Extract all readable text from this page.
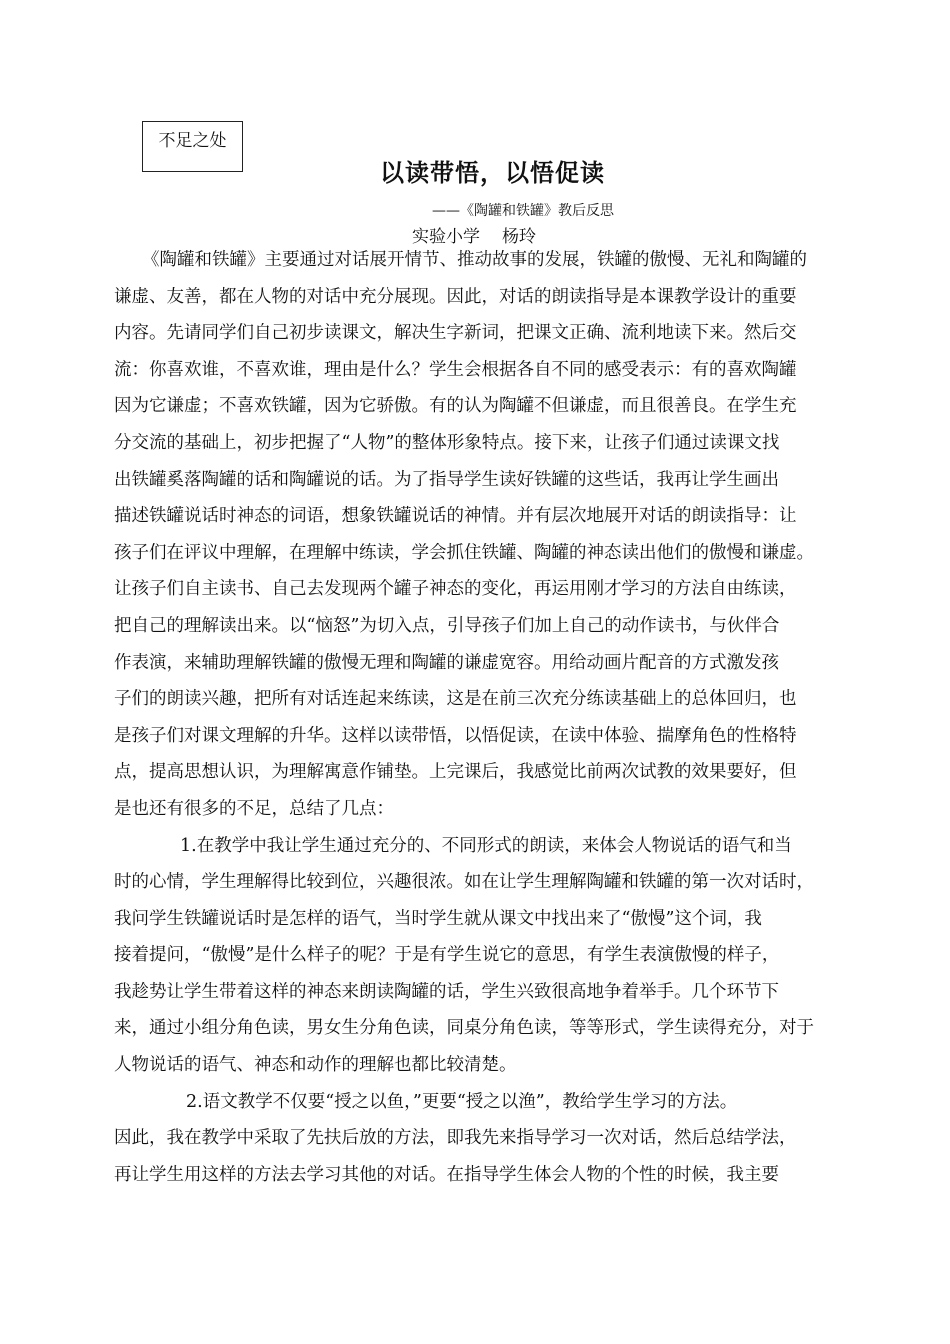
不足之处
以读带悟，以悟促读
——《陶罐和铁罐》教后反思
实验小学 杨玲
《陶罐和铁罐》主要通过对话展开情节、推动故事的发展，铁罐的傲慢、无礼和陶罐的
谦虚、友善，都在人物的对话中充分展现。因此，对话的朗读指导是本课教学设计的重要
内容。先请同学们自己初步读课文，解决生字新词，把课文正确、流利地读下来。然后交
流：你喜欢谁，不喜欢谁，理由是什么？学生会根据各自不同的感受表示：有的喜欢陶罐
因为它谦虚；不喜欢铁罐，因为它骄傲。有的认为陶罐不但谦虚，而且很善良。在学生充
分交流的基础上，初步把握了“人物”的整体形象特点。接下来，让孩子们通过读课文找
出铁罐奚落陶罐的话和陶罐说的话。为了指导学生读好铁罐的这些话，我再让学生画出
描述铁罐说话时神态的词语，想象铁罐说话的神情。并有层次地展开对话的朗读指导：让
孩子们在评议中理解，在理解中练读，学会抓住铁罐、陶罐的神态读出他们的傲慢和谦虚。
让孩子们自主读书、自己去发现两个罐子神态的变化，再运用刚才学习的方法自由练读，
把自己的理解读出来。以“恼怒”为切入点，引导孩子们加上自己的动作读书，与伙伴合
作表演，来辅助理解铁罐的傲慢无理和陶罐的谦虚宽容。用给动画片配音的方式激发孩
子们的朗读兴趣，把所有对话连起来练读，这是在前三次充分练读基础上的总体回归，也
是孩子们对课文理解的升华。这样以读带悟，以悟促读，在读中体验、揣摩角色的性格特
点，提高思想认识，为理解寓意作铺垫。上完课后，我感觉比前两次试教的效果要好，但
是也还有很多的不足，总结了几点：
1.在教学中我让学生通过充分的、不同形式的朗读，来体会人物说话的语气和当
时的心情，学生理解得比较到位，兴趣很浓。如在让学生理解陶罐和铁罐的第一次对话时，
我问学生铁罐说话时是怎样的语气，当时学生就从课文中找出来了“傲慢”这个词，我
接着提问，“傲慢”是什么样子的呢？于是有学生说它的意思，有学生表演傲慢的样子，
我趁势让学生带着这样的神态来朗读陶罐的话，学生兴致很高地争着举手。几个环节下
来，通过小组分角色读，男女生分角色读，同桌分角色读，等等形式，学生读得充分，对于
人物说话的语气、神态和动作的理解也都比较清楚。
2.语文教学不仅要“授之以鱼，”更要“授之以渔”，教给学生学习的方法。
因此，我在教学中采取了先扶后放的方法，即我先来指导学习一次对话，然后总结学法，
再让学生用这样的方法去学习其他的对话。在指导学生体会人物的个性的时候，我主要
